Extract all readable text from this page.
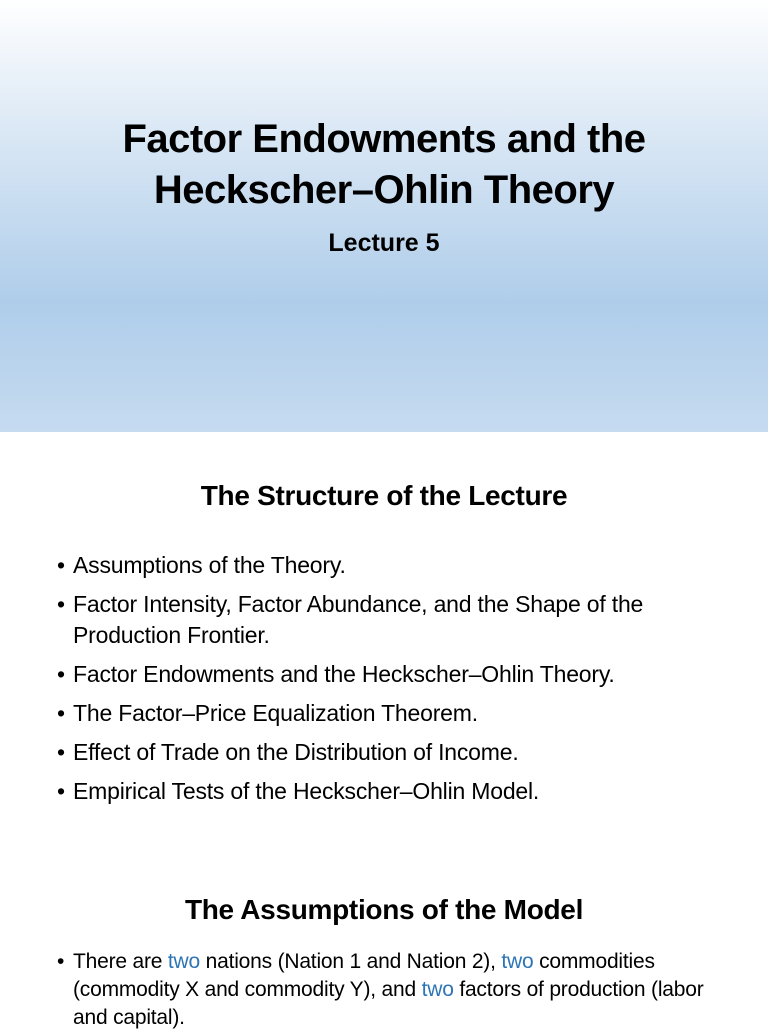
Factor Endowments and the
Heckscher–Ohlin Theory
Lecture 5
The Structure of the Lecture
• Assumptions of the Theory.
• Factor Intensity, Factor Abundance, and the Shape of the Production Frontier.
• Factor Endowments and the Heckscher–Ohlin Theory.
• The Factor–Price Equalization Theorem.
• Effect of Trade on the Distribution of Income.
• Empirical Tests of the Heckscher–Ohlin Model.
The Assumptions of the Model
• There are two nations (Nation 1 and Nation 2), two commodities (commodity X and commodity Y), and two factors of production (labor and capital).
